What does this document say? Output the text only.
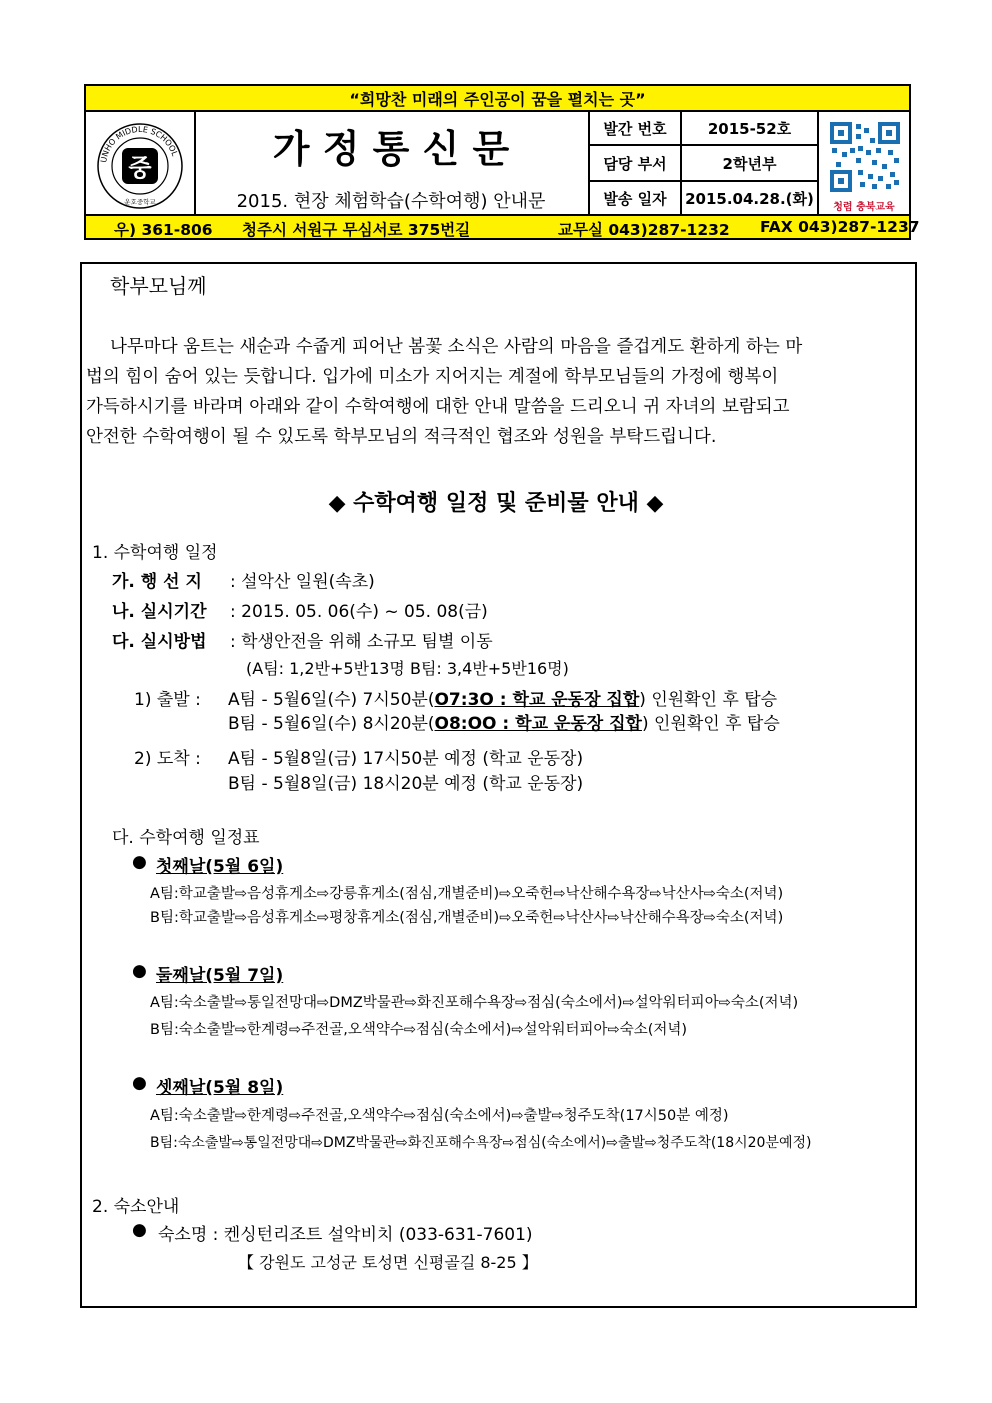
“희망찬 미래의 주인공이 꿈을 펼치는 곳”
UNHO MIDDLE SCHOOL
중
운호중학교
가 정 통 신 문
2015. 현장 체험학습(수학여행) 안내문
발간 번호	2015-52호
담당 부서	2학년부
발송 일자	2015.04.28.(화)	청렴 충북교육
우) 361-806 청주시 서원구 무심서로 375번길	교무실 043)287-1232 FAX 043)287-1237
학부모님께
나무마다 움트는 새순과 수줍게 피어난 봄꽃 소식은 사람의 마음을 즐겁게도 환하게 하는 마
법의 힘이 숨어 있는 듯합니다. 입가에 미소가 지어지는 계절에 학부모님들의 가정에 행복이
가득하시기를 바라며 아래와 같이 수학여행에 대한 안내 말씀을 드리오니 귀 자녀의 보람되고
안전한 수학여행이 될 수 있도록 학부모님의 적극적인 협조와 성원을 부탁드립니다.
◆ 수학여행 일정 및 준비물 안내 ◆
1. 수학여행 일정
가. 행 선 지 : 설악산 일원(속초)
나. 실시기간 : 2015. 05. 06(수) ~ 05. 08(금)
다. 실시방법 : 학생안전을 위해 소규모 팀별 이동
(A팀: 1,2반+5반13명 B팀: 3,4반+5반16명)
1) 출발 : A팀 - 5월6일(수) 7시50분(O7:3O : 학교 운동장 집합) 인원확인 후 탑승
B팀 - 5월6일(수) 8시20분(O8:OO : 학교 운동장 집합) 인원확인 후 탑승
2) 도착 : A팀 - 5월8일(금) 17시50분 예정 (학교 운동장)
B팀 - 5월8일(금) 18시20분 예정 (학교 운동장)
다. 수학여행 일정표
● 첫째날(5월 6일)
A팀:학교출발⇨음성휴게소⇨강릉휴게소(점심,개별준비)⇨오죽헌⇨낙산해수욕장⇨낙산사⇨숙소(저녁)
B팀:학교출발⇨음성휴게소⇨평창휴게소(점심,개별준비)⇨오죽헌⇨낙산사⇨낙산해수욕장⇨숙소(저녁)
● 둘째날(5월 7일)
A팀:숙소출발⇨통일전망대⇨DMZ박물관⇨화진포해수욕장⇨점심(숙소에서)⇨설악워터피아⇨숙소(저녁)
B팀:숙소출발⇨한계령⇨주전골,오색약수⇨점심(숙소에서)⇨설악워터피아⇨숙소(저녁)
● 셋째날(5월 8일)
A팀:숙소출발⇨한계령⇨주전골,오색약수⇨점심(숙소에서)⇨출발⇨청주도착(17시50분 예정)
B팀:숙소출발⇨통일전망대⇨DMZ박물관⇨화진포해수욕장⇨점심(숙소에서)⇨출발⇨청주도착(18시20분예정)
2. 숙소안내
● 숙소명 : 켄싱턴리조트 설악비치 (033-631-7601)
【 강원도 고성군 토성면 신평골길 8-25 】
